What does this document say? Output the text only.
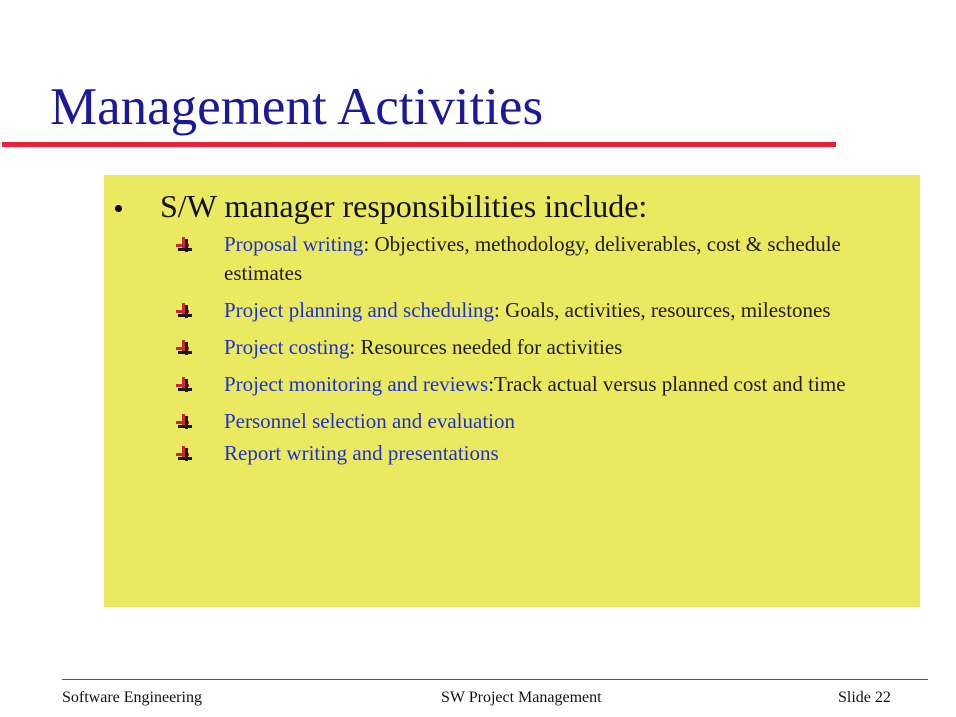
Management Activities
S/W manager responsibilities include:
Proposal writing: Objectives, methodology, deliverables, cost & schedule estimates
Project planning and scheduling: Goals, activities, resources, milestones
Project costing: Resources needed for activities
Project monitoring and reviews:Track actual versus planned cost and time
Personnel selection and evaluation
Report writing and presentations
Software Engineering	SW Project Management	Slide 22
